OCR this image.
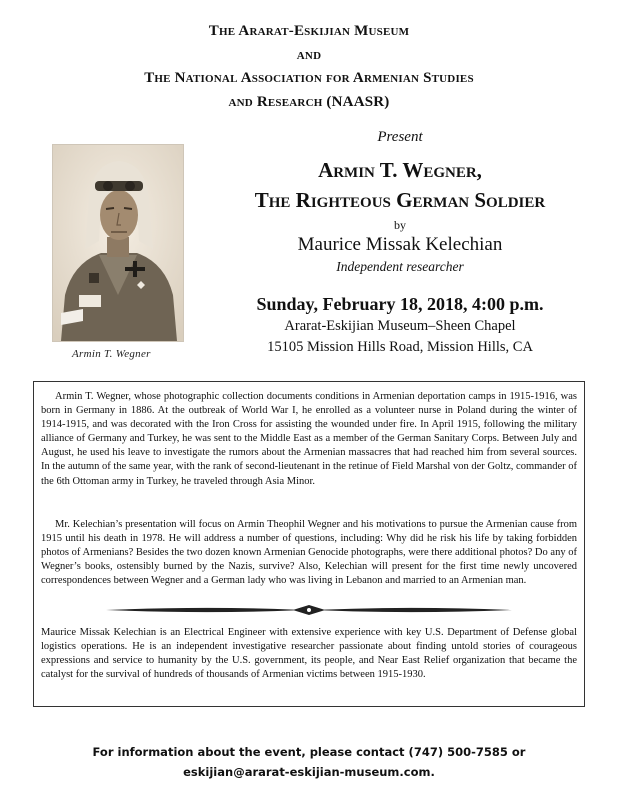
The Ararat-Eskijian Museum
and
The National Association for Armenian Studies
and Research (NAASR)
Armin T. Wegner
Present
Armin T. Wegner,
The Righteous German Soldier
by
Maurice Missak Kelechian
Independent researcher
Sunday, February 18, 2018, 4:00 p.m.
Ararat-Eskijian Museum–Sheen Chapel
15105 Mission Hills Road, Mission Hills, CA

Armin T. Wegner, whose photographic collection documents conditions in Armenian deportation camps in 1915-1916, was born in Germany in 1886. At the outbreak of World War I, he enrolled as a volunteer nurse in Poland during the winter of 1914-1915, and was decorated with the Iron Cross for assisting the wounded under fire. In April 1915, following the military alliance of Germany and Turkey, he was sent to the Middle East as a member of the German Sanitary Corps. Between July and August, he used his leave to investigate the rumors about the Armenian massacres that had reached him from several sources. In the autumn of the same year, with the rank of second-lieutenant in the retinue of Field Marshal von der Goltz, commander of the 6th Ottoman army in Turkey, he traveled through Asia Minor.

Mr. Kelechian’s presentation will focus on Armin Theophil Wegner and his motivations to pursue the Armenian cause from 1915 until his death in 1978. He will address a number of questions, including: Why did he risk his life by taking forbidden photos of Armenians? Besides the two dozen known Armenian Genocide photographs, were there additional photos? Do any of Wegner’s books, ostensibly burned by the Nazis, survive? Also, Kelechian will present for the first time newly uncovered correspondences between Wegner and a German lady who was living in Lebanon and married to an Armenian man.

Maurice Missak Kelechian is an Electrical Engineer with extensive experience with key U.S. Department of Defense global logistics operations. He is an independent investigative researcher passionate about finding untold stories of courageous expressions and service to humanity by the U.S. government, its people, and Near East Relief organization that became the catalyst for the survival of hundreds of thousands of Armenian victims between 1915-1930.

For information about the event, please contact (747) 500-7585 or
eskijian@ararat-eskijian-museum.com.
